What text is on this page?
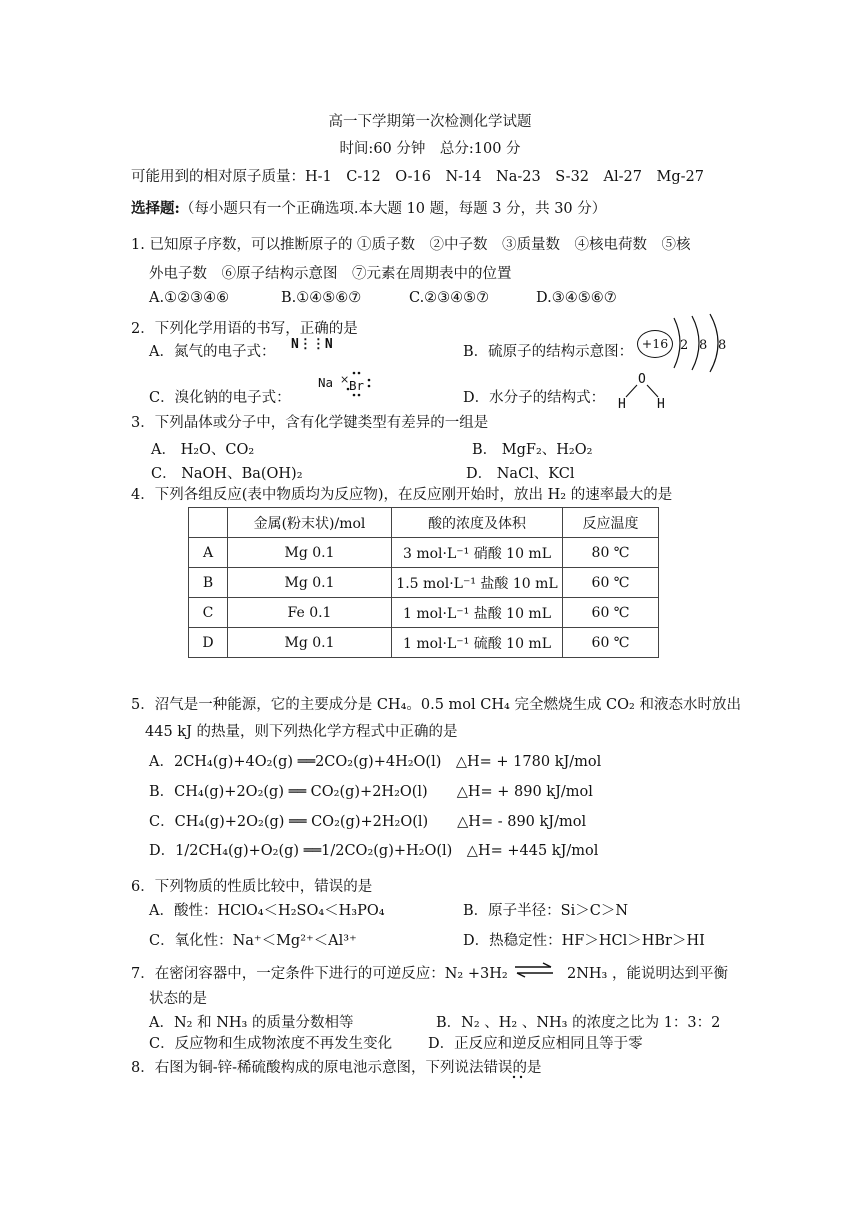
高一下学期第一次检测化学试题
时间:60 分钟　总分:100 分
可能用到的相对原子质量：H-1　C-12　O-16　N-14　Na-23　S-32　Al-27　Mg-27
选择题:（每小题只有一个正确选项.本大题 10 题，每题 3 分，共 30 分）
1. 已知原子序数，可以推断原子的 ①质子数　②中子数　③质量数　④核电荷数　⑤核
外电子数　⑥原子结构示意图　⑦元素在周期表中的位置
A.①②③④⑥	B.①④⑤⑥⑦	C.②③④⑤⑦	D.③④⑤⑥⑦
2．下列化学用语的书写，正确的是
A．氮气的电子式： N⋮⋮N	B．硫原子的结构示意图：
+16 2 8 8
C．溴化钠的电子式：
Na × Br
D．水分子的结构式：
O
H H
3．下列晶体或分子中，含有化学键类型有差异的一组是
A． H₂O、CO₂	B． MgF₂、H₂O₂
C． NaOH、Ba(OH)₂	D． NaCl、KCl
4．下列各组反应(表中物质均为反应物)，在反应刚开始时，放出 H₂ 的速率最大的是
	金属(粉末状)/mol	酸的浓度及体积	反应温度
A	Mg 0.1	3 mol·L⁻¹ 硝酸 10 mL	80 ℃
B	Mg 0.1	1.5 mol·L⁻¹ 盐酸 10 mL	60 ℃
C	Fe 0.1	1 mol·L⁻¹ 盐酸 10 mL	60 ℃
D	Mg 0.1	1 mol·L⁻¹ 硫酸 10 mL	60 ℃
5．沼气是一种能源，它的主要成分是 CH₄。0.5 mol CH₄ 完全燃烧生成 CO₂ 和液态水时放出
445 kJ 的热量，则下列热化学方程式中正确的是
A．2CH₄(g)+4O₂(g) ══2CO₂(g)+4H₂O(l)　△H= + 1780 kJ/mol
B．CH₄(g)+2O₂(g) ══ CO₂(g)+2H₂O(l)　　△H= + 890 kJ/mol
C．CH₄(g)+2O₂(g) ══ CO₂(g)+2H₂O(l)　　△H= - 890 kJ/mol
D．1/2CH₄(g)+O₂(g) ══1/2CO₂(g)+H₂O(l)　△H= +445 kJ/mol
6．下列物质的性质比较中，错误的是
A．酸性：HClO₄＜H₂SO₄＜H₃PO₄	B．原子半径：Si＞C＞N
C．氧化性：Na⁺＜Mg²⁺＜Al³⁺	D．热稳定性：HF＞HCl＞HBr＞HI
7．在密闭容器中，一定条件下进行的可逆反应：N₂ +3H₂ ⇌ 2NH₃ ，能说明达到平衡
状态的是
A．N₂ 和 NH₃ 的质量分数相等	B．N₂ 、H₂ 、NH₃ 的浓度之比为 1：3：2
C．反应物和生成物浓度不再发生变化 D．正反应和逆反应相同且等于零
8．右图为铜-锌-稀硫酸构成的原电池示意图，下列说法错误的是
